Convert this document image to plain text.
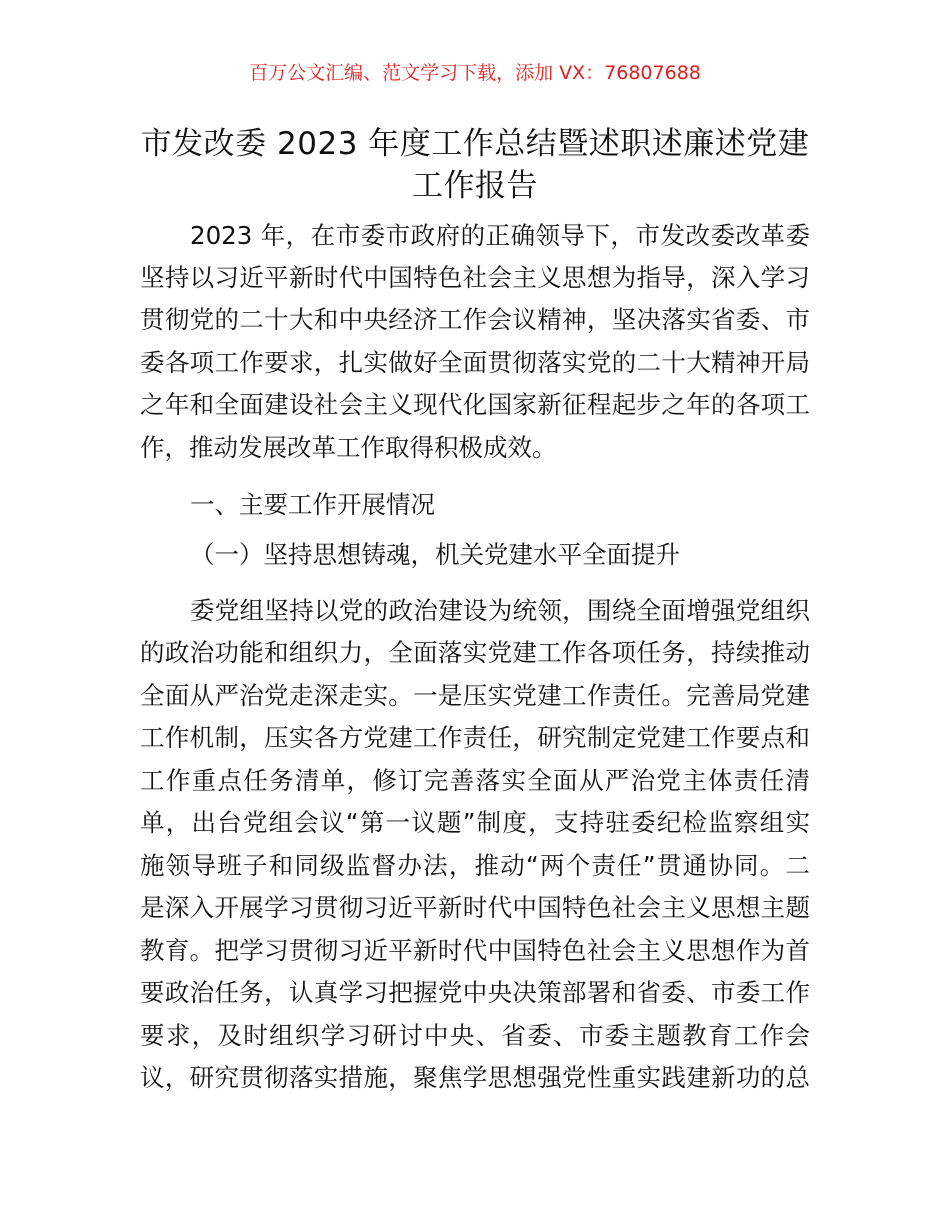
百万公文汇编、范文学习下载，添加 VX：76807688
市发改委 2023 年度工作总结暨述职述廉述党建
工作报告
2023 年，在市委市政府的正确领导下，市发改委改革委
坚持以习近平新时代中国特色社会主义思想为指导，深入学习
贯彻党的二十大和中央经济工作会议精神，坚决落实省委、市
委各项工作要求，扎实做好全面贯彻落实党的二十大精神开局
之年和全面建设社会主义现代化国家新征程起步之年的各项工
作，推动发展改革工作取得积极成效。
一、主要工作开展情况
（一）坚持思想铸魂，机关党建水平全面提升
委党组坚持以党的政治建设为统领，围绕全面增强党组织
的政治功能和组织力，全面落实党建工作各项任务，持续推动
全面从严治党走深走实。一是压实党建工作责任。完善局党建
工作机制，压实各方党建工作责任，研究制定党建工作要点和
工作重点任务清单，修订完善落实全面从严治党主体责任清
单，出台党组会议“第一议题”制度，支持驻委纪检监察组实
施领导班子和同级监督办法，推动“两个责任”贯通协同。二
是深入开展学习贯彻习近平新时代中国特色社会主义思想主题
教育。把学习贯彻习近平新时代中国特色社会主义思想作为首
要政治任务，认真学习把握党中央决策部署和省委、市委工作
要求，及时组织学习研讨中央、省委、市委主题教育工作会
议，研究贯彻落实措施，聚焦学思想强党性重实践建新功的总
